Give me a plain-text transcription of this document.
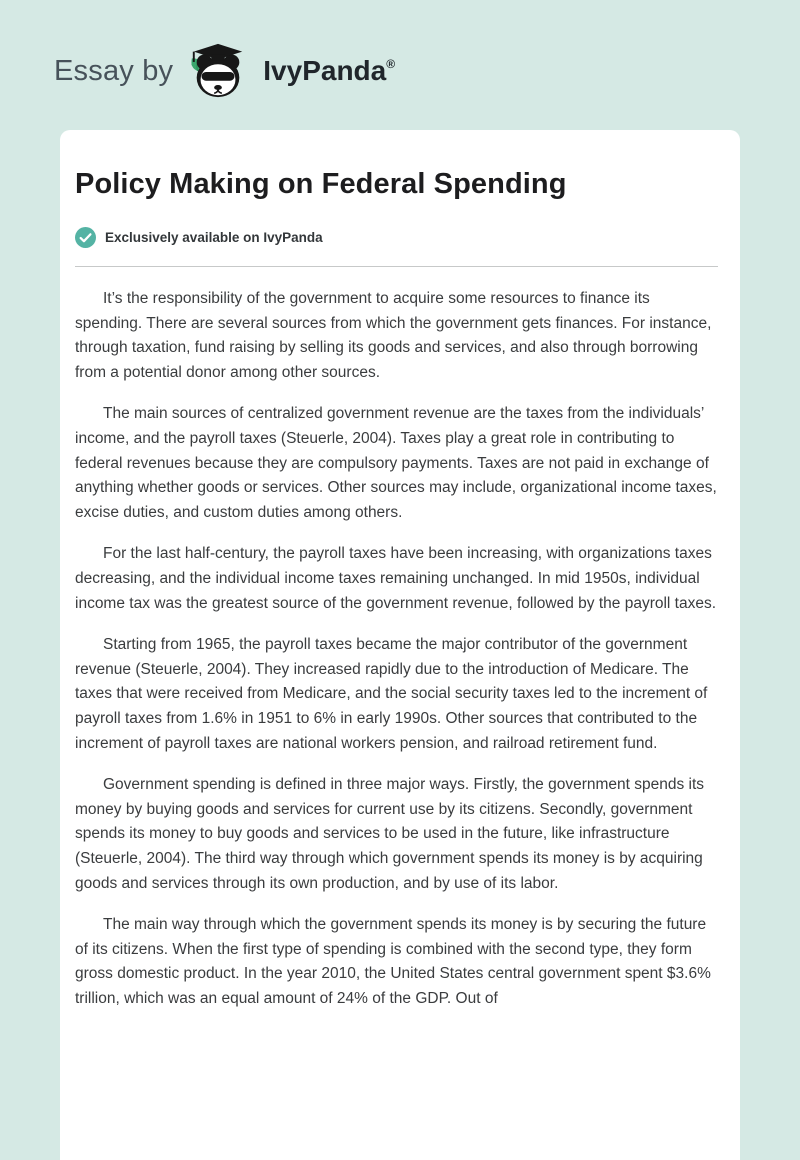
Essay by	IvyPanda ®
Policy Making on Federal Spending
Exclusively available on IvyPanda

It’s the responsibility of the government to acquire some resources to finance its spending. There are several sources from which the government gets finances. For instance, through taxation, fund raising by selling its goods and services, and also through borrowing from a potential donor among other sources.

The main sources of centralized government revenue are the taxes from the individuals’ income, and the payroll taxes (Steuerle, 2004). Taxes play a great role in contributing to federal revenues because they are compulsory payments. Taxes are not paid in exchange of anything whether goods or services. Other sources may include, organizational income taxes, excise duties, and custom duties among others.

For the last half-century, the payroll taxes have been increasing, with organizations taxes decreasing, and the individual income taxes remaining unchanged. In mid 1950s, individual income tax was the greatest source of the government revenue, followed by the payroll taxes.

Starting from 1965, the payroll taxes became the major contributor of the government revenue (Steuerle, 2004). They increased rapidly due to the introduction of Medicare. The taxes that were received from Medicare, and the social security taxes led to the increment of payroll taxes from 1.6% in 1951 to 6% in early 1990s. Other sources that contributed to the increment of payroll taxes are national workers pension, and railroad retirement fund.

Government spending is defined in three major ways. Firstly, the government spends its money by buying goods and services for current use by its citizens. Secondly, government spends its money to buy goods and services to be used in the future, like infrastructure (Steuerle, 2004). The third way through which government spends its money is by acquiring goods and services through its own production, and by use of its labor.

The main way through which the government spends its money is by securing the future of its citizens. When the first type of spending is combined with the second type, they form gross domestic product. In the year 2010, the United States central government spent $3.6% trillion, which was an equal amount of 24% of the GDP. Out of
